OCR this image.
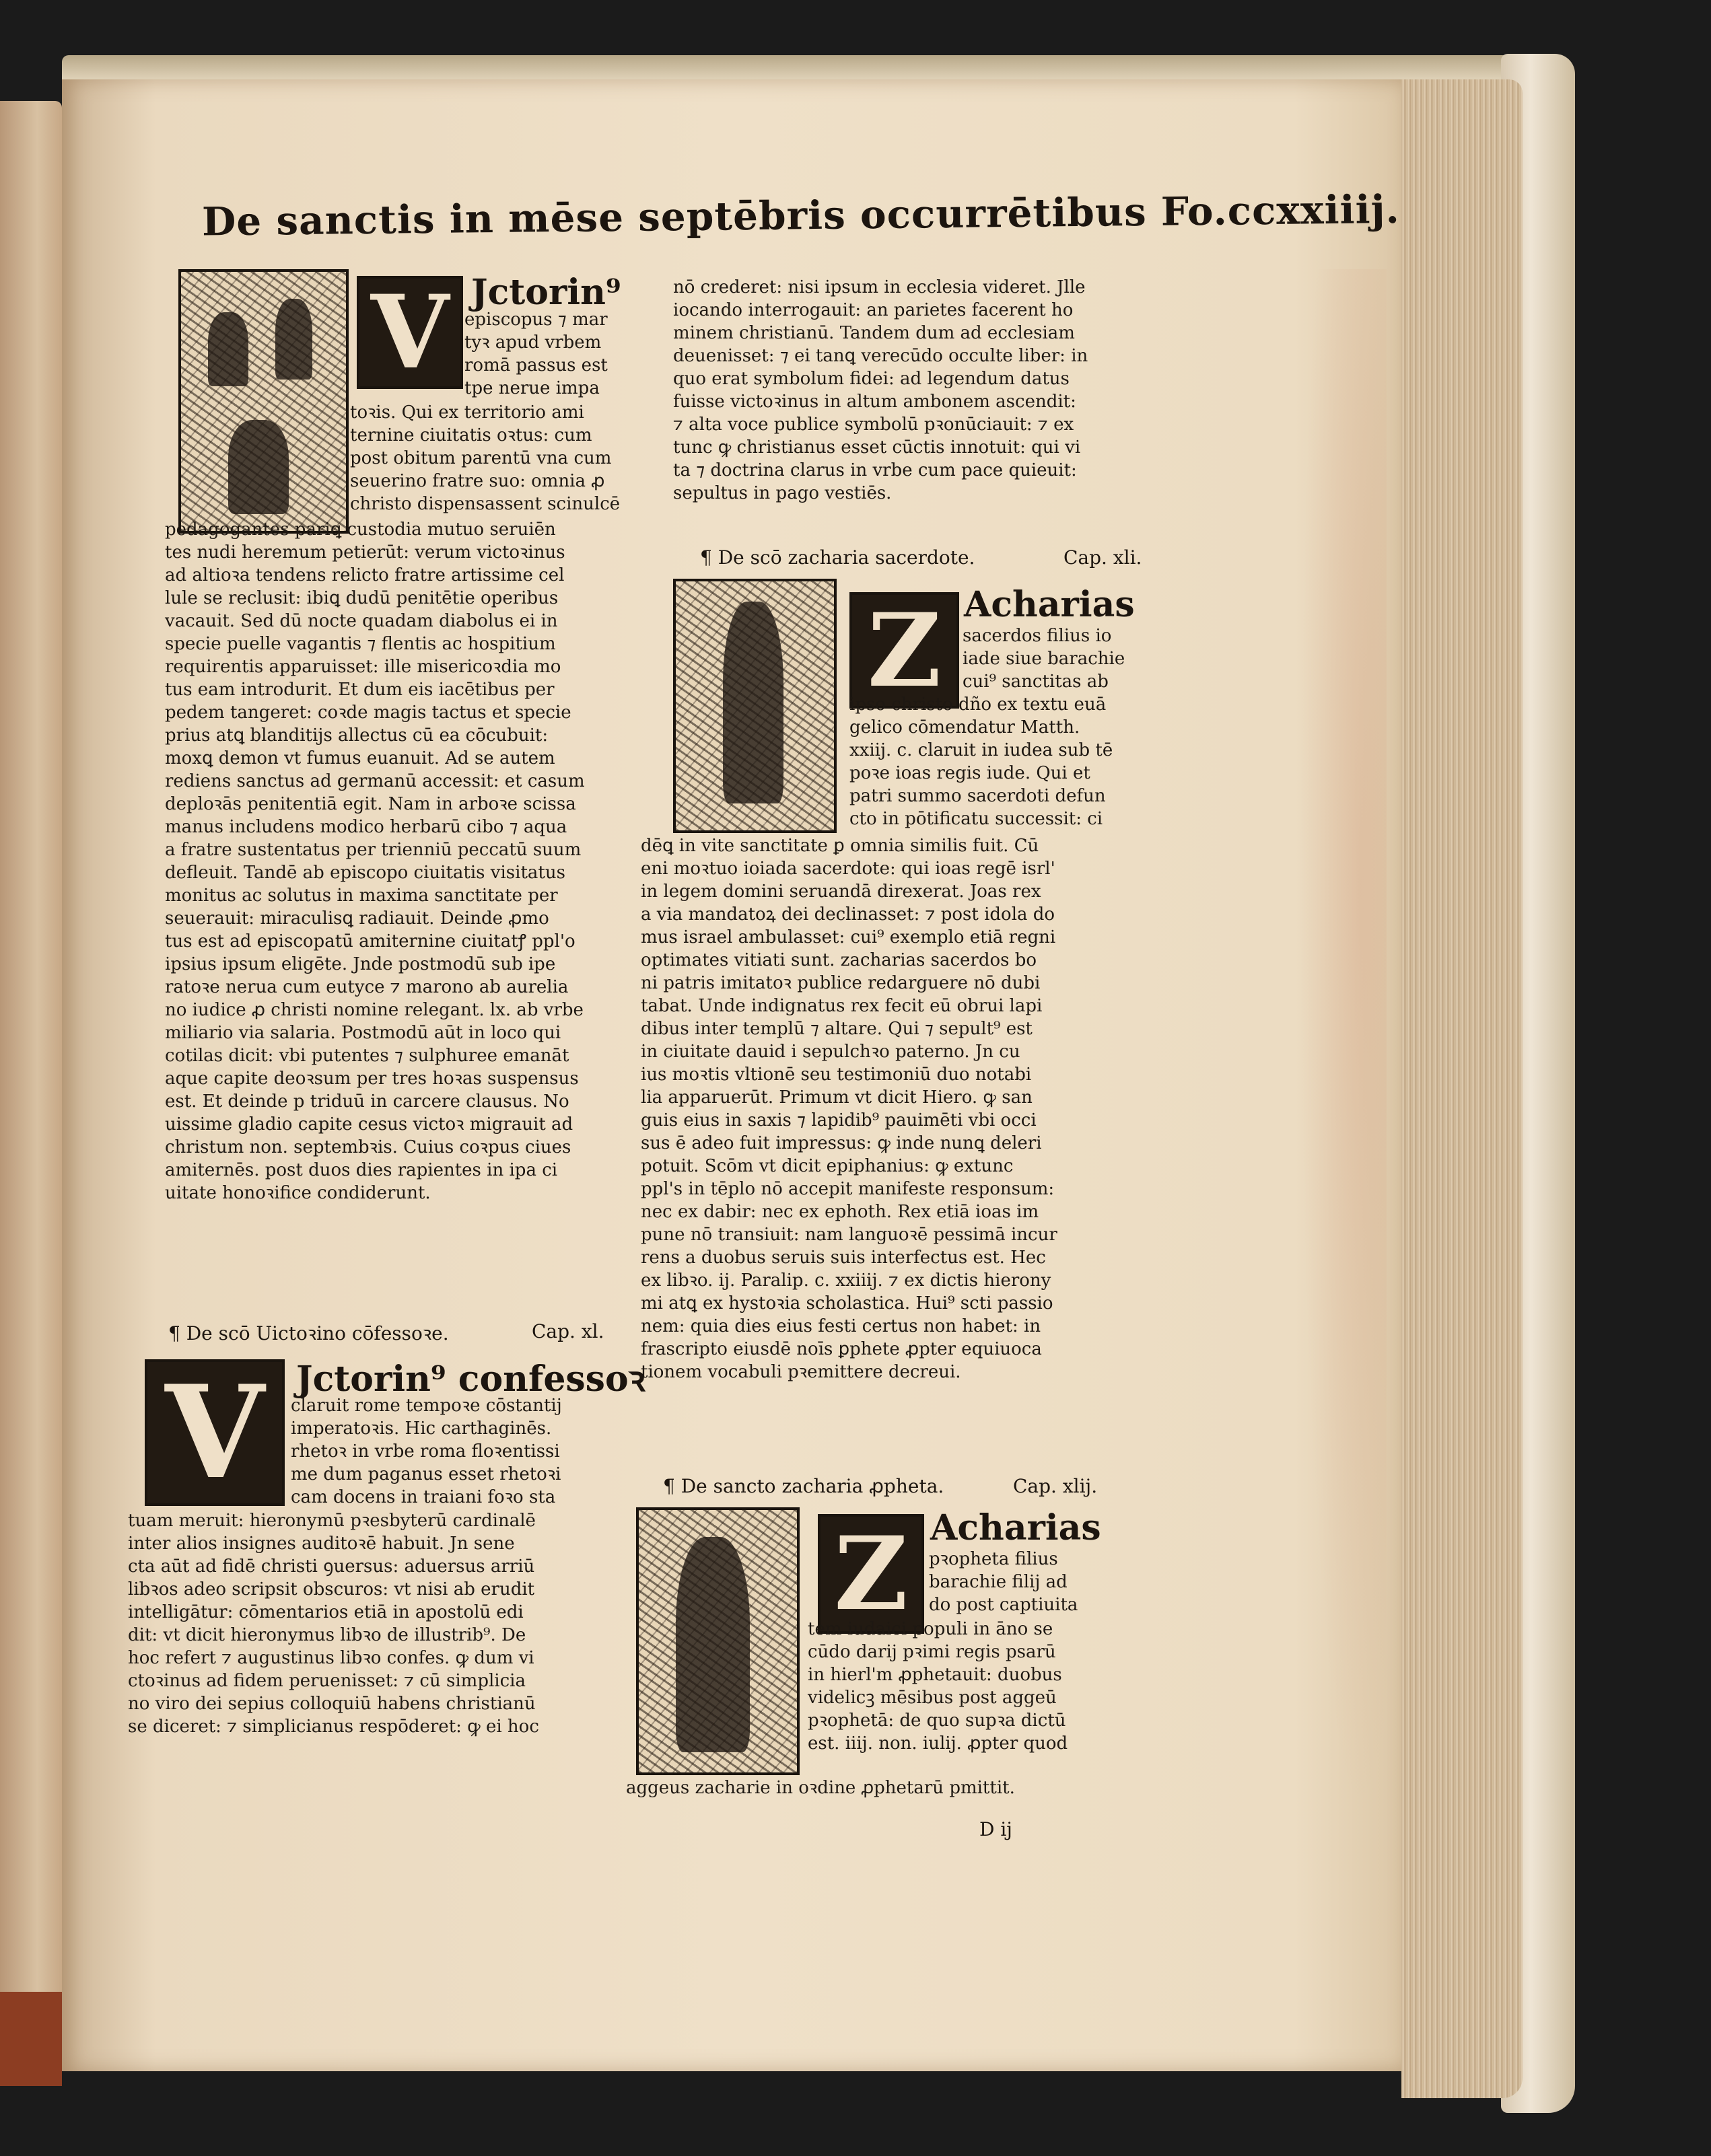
De sanctis in mēse septēbris occurrētibus Fo.ccxxiiij.
V Jctorin⁹

episcopus ⁊ mar

tyꝛ apud vrbem

romā passus est

tpe nerue impa

toꝛis. Qui ex territorio ami

ternine ciuitatis oꝛtus: cum

post obitum parentū vna cum

seuerino fratre suo: omnia ꝓ

christo dispensassent scinulcē

pedagogantes pariꝗ custodia mutuo seruiēn

tes nudi heremum petierūt: verum victoꝛinus

ad altioꝛa tendens relicto fratre artissime cel

lule se reclusit: ibiꝗ dudū penitētie operibus

vacauit. Sed dū nocte quadam diabolus ei in

specie puelle vagantis ⁊ flentis ac hospitium

requirentis apparuisset: ille misericoꝛdia mo

tus eam introdurit. Et dum eis iacētibus per

pedem tangeret: coꝛde magis tactus et specie

prius atꝗ blanditijs allectus cū ea cōcubuit:

moxꝗ demon vt fumus euanuit. Ad se autem

rediens sanctus ad germanū accessit: et casum

deploꝛās penitentiā egit. Nam in arboꝛe scissa

manus includens modico herbarū cibo ⁊ aqua

a fratre sustentatus per trienniū peccatū suum

defleuit. Tandē ab episcopo ciuitatis visitatus

monitus ac solutus in maxima sanctitate per

seuerauit: miraculisꝗ radiauit. Deinde ꝓmo

tus est ad episcopatū amiternine ciuitatꝭ ppl'o

ipsius ipsum eligēte. Jnde postmodū sub ipe

ratoꝛe nerua cum eutyce ⁊ marono ab aurelia

no iudice ꝓ christi nomine relegant. lx. ab vrbe

miliario via salaria. Postmodū aūt in loco qui

cotilas dicit: vbi putentes ⁊ sulphuree emanāt

aque capite deoꝛsum per tres hoꝛas suspensus

est. Et deinde p triduū in carcere clausus. No

uissime gladio capite cesus victoꝛ migrauit ad

christum non. septembꝛis. Cuius coꝛpus ciues

amiternēs. post duos dies rapientes in ipa ci

uitate honoꝛifice condiderunt.

¶ De scō Uictoꝛino cōfessoꝛe.	Cap. xl.
V Jctorin⁹ confessoꝛ

claruit rome tempoꝛe cōstantij

imperatoꝛis. Hic carthaginēs.

rhetoꝛ in vrbe roma floꝛentissi

me dum paganus esset rhetoꝛi

cam docens in traiani foꝛo sta

tuam meruit: hieronymū pꝛesbyterū cardinalē

inter alios insignes auditoꝛē habuit. Jn sene

cta aūt ad fidē christi ꝯuersus: aduersus arriū

libꝛos adeo scripsit obscuros: vt nisi ab erudit

intelligātur: cōmentarios etiā in apostolū edi

dit: vt dicit hieronymus libꝛo de illustrib⁹. De

hoc refert ⁊ augustinus libꝛo confes. ꝙ dum vi

ctoꝛinus ad fidem peruenisset: ⁊ cū simplicia

no viro dei sepius colloquiū habens christianū

se diceret: ⁊ simplicianus respōderet: ꝙ ei hoc

nō crederet: nisi ipsum in ecclesia videret. Jlle

iocando interrogauit: an parietes facerent ho

minem christianū. Tandem dum ad ecclesiam

deuenisset: ⁊ ei tanꝗ verecūdo occulte liber: in

quo erat symbolum fidei: ad legendum datus

fuisse victoꝛinus in altum ambonem ascendit:

⁊ alta voce publice symbolū pꝛonūciauit: ⁊ ex

tunc ꝙ christianus esset cūctis innotuit: qui vi

ta ⁊ doctrina clarus in vrbe cum pace quieuit:

sepultus in pago vestiēs.

¶ De scō zacharia sacerdote.	Cap. xli.
Z Acharias

sacerdos filius io

iade siue barachie

cui⁹ sanctitas ab

ipso christo dño ex textu euā

gelico cōmendatur Matth.

xxiij. c. claruit in iudea sub tē

poꝛe ioas regis iude. Qui et

patri summo sacerdoti defun

cto in pōtificatu successit: ci

dēꝗ in vite sanctitate ꝑ omnia similis fuit. Cū

eni moꝛtuo ioiada sacerdote: qui ioas regē isrl'

in legem domini seruandā direxerat. Joas rex

a via mandatoꝝ dei declinasset: ⁊ post idola do

mus israel ambulasset: cui⁹ exemplo etiā regni

optimates vitiati sunt. zacharias sacerdos bo

ni patris imitatoꝛ publice redarguere nō dubi

tabat. Unde indignatus rex fecit eū obrui lapi

dibus inter templū ⁊ altare. Qui ⁊ sepult⁹ est

in ciuitate dauid i sepulchꝛo paterno. Jn cu

ius moꝛtis vltionē seu testimoniū duo notabi

lia apparuerūt. Primum vt dicit Hiero. ꝙ san

guis eius in saxis ⁊ lapidib⁹ pauimēti vbi occi

sus ē adeo fuit impressus: ꝙ inde nunꝗ deleri

potuit. Scōm vt dicit epiphanius: ꝙ extunc

ppl's in tēplo nō accepit manifeste responsum:

nec ex dabir: nec ex ephoth. Rex etiā ioas im

pune nō transiuit: nam languoꝛē pessimā incur

rens a duobus seruis suis interfectus est. Hec

ex libꝛo. ij. Paralip. c. xxiiij. ⁊ ex dictis hierony

mi atꝗ ex hystoꝛia scholastica. Hui⁹ scti passio

nem: quia dies eius festi certus non habet: in

frascripto eiusdē noīs ꝑphete ꝓpter equiuoca

tionem vocabuli pꝛemittere decreui.

¶ De sancto zacharia ꝓpheta.	Cap. xlij.
Z Acharias

pꝛopheta filius

barachie filij ad

do post captiuita

tem iudaici populi in āno se

cūdo darij pꝛimi regis psarū

in hierl'm ꝓphetauit: duobus

videlicꝫ mēsibus post aggeū

pꝛophetā: de quo supꝛa dictū

est. iiij. non. iulij. ꝓpter quod

aggeus zacharie in oꝛdine ꝓphetarū pmittit.

D ij
